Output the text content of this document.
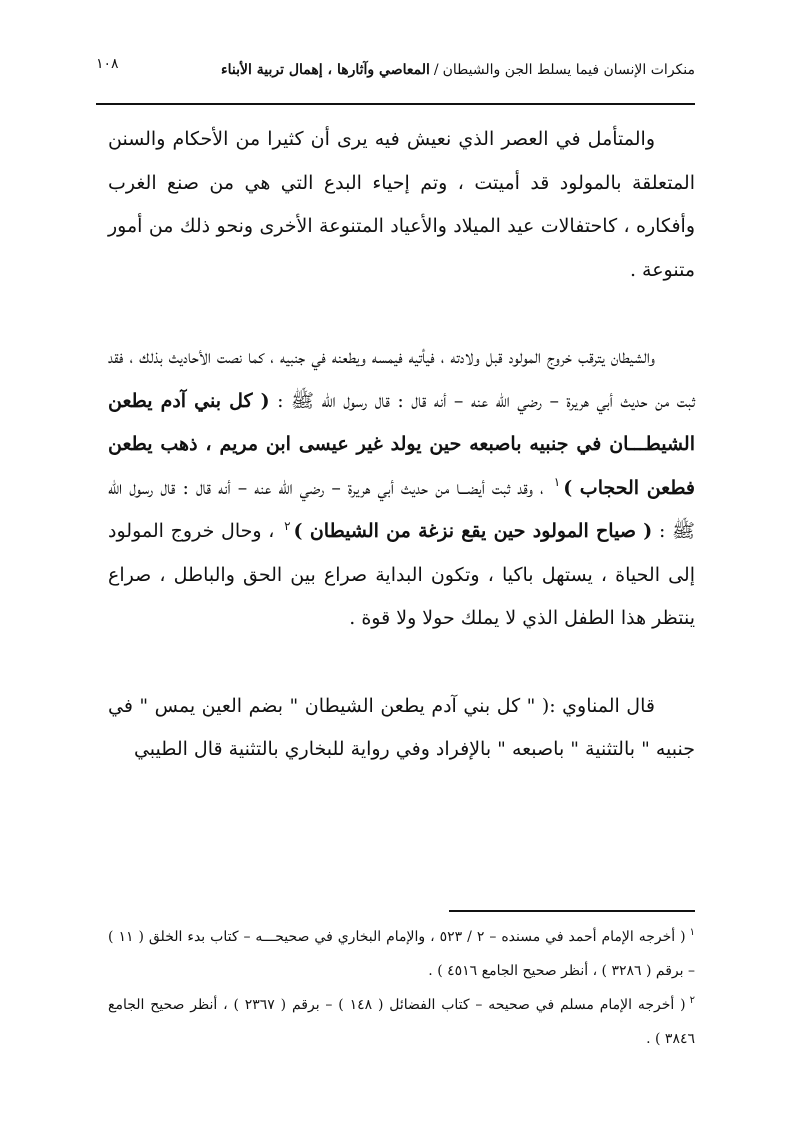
منكرات الإنسان فيما يسلط الجن والشيطان/المعاصي وآثارها ، إهمال تربية الأبناء
١٠٨

والمتأمل في العصر الذي نعيش فيه يرى أن كثيرا من الأحكام والسنن المتعلقة بالمولود قد أميتت ، وتم إحياء البدع التي هي من صنع الغرب وأفكاره ، كاحتفالات عيد الميلاد والأعياد المتنوعة الأخرى ونحو ذلك من أمور متنوعة .

والشيطان يترقب خروج المولود قبل ولادته ، فيأتيه فيمسه ويطعنه في جنبيه ، كما نصت الأحاديث بذلك ، فقد ثبت من حديث أبي هريرة – رضي الله عنه – أنه قال : قال رسول الله ﷺ : ( كل بني آدم يطعن الشيطـــان في جنبيه باصبعه حين يولد غير عيسى ابن مريم ، ذهب يطعن فطعن الحجاب )$^١$ ، وقد ثبت أيضـــا من حديث أبي هريرة – رضي الله عنه – أنه قال : قال رسول الله ﷺ : ( صياح المولود حين يقع نزغة من الشيطان )$^٢$ ، وحال خروج المولود إلى الحياة ، يستهل باكيا ، وتكون البداية صراع بين الحق والباطل ، صراع ينتظر هذا الطفل الذي لا يملك حولا ولا قوة .

قال المناوي :( " كل بني آدم يطعن الشيطان " بضم العين يمس " في جنبيه " بالتثنية " باصبعه " بالإفراد وفي رواية للبخاري بالتثنية قال الطيبي

$^١$( أخرجه الإمام أحمد في مسنده – ٢ / ٥٢٣ ، والإمام البخاري في صحيحـــه – كتاب بدء الخلق ( ١١ ) – برقم ( ٣٢٨٦ ) ، أنظر صحيح الجامع ٤٥١٦ ) .

$^٢$( أخرجه الإمام مسلم في صحيحه – كتاب الفضائل ( ١٤٨ ) – برقم ( ٢٣٦٧ ) ، أنظر صحيح الجامع ٣٨٤٦ ) .
